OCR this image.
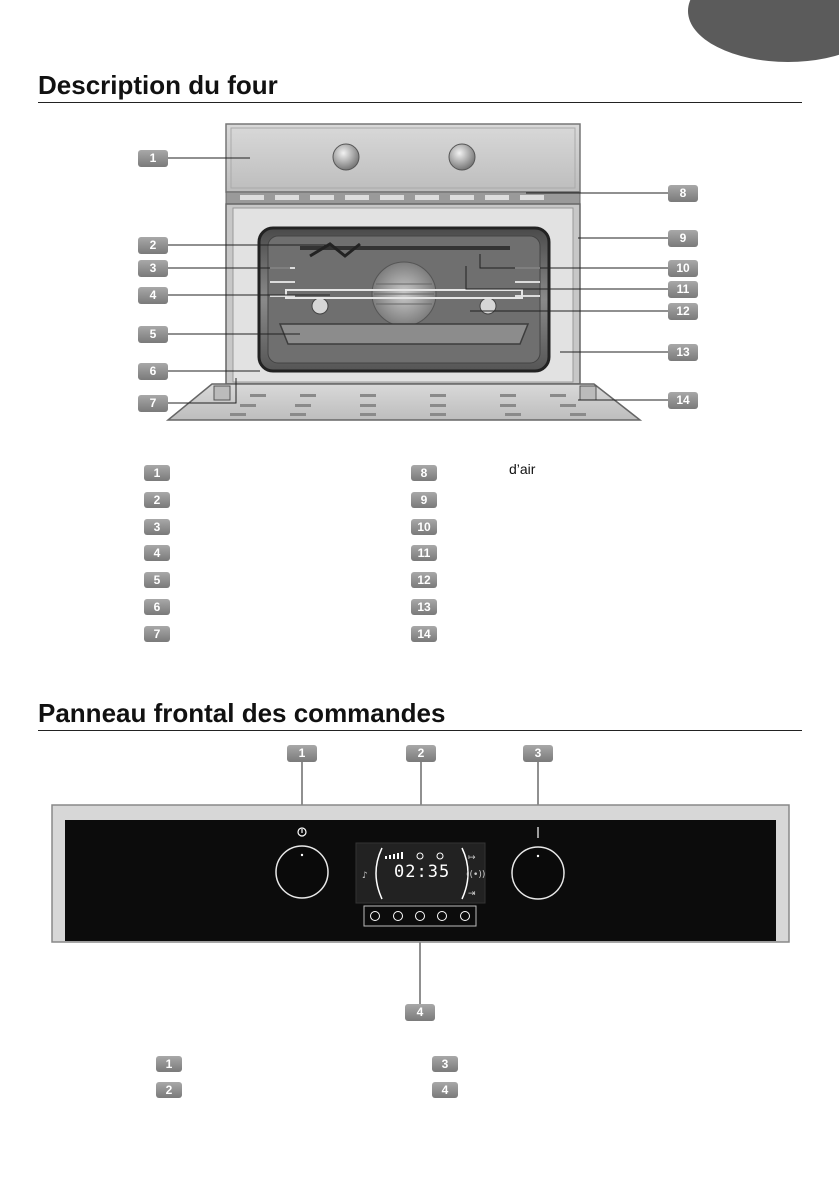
Description du four
1
2
3
4
5
6
7
8
9
10
11
12
13
14
1
2
3
4
5
6
7
8
9
10
11
12
13
14
d’air
Panneau frontal des commandes
1	2	3
4
↦
((•))
⇥
♪ 02:35
1
2
3
4
